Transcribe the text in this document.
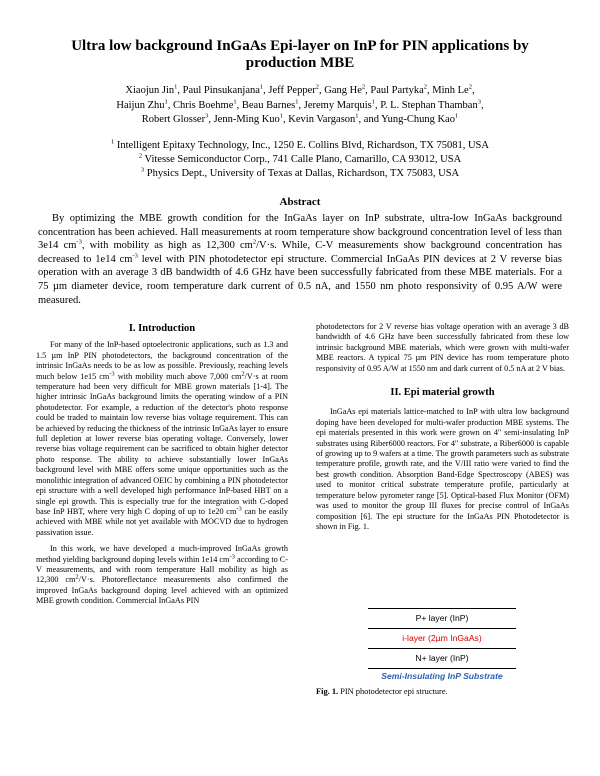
Ultra low background InGaAs Epi-layer on InP for PIN applications by production MBE
Xiaojun Jin$^1$, Paul Pinsukanjana$^1$, Jeff Pepper$^2$, Gang He$^2$, Paul Partyka$^2$, Minh Le$^2$,
Haijun Zhu$^1$, Chris Boehme$^1$, Beau Barnes$^1$, Jeremy Marquis$^1$, P. L. Stephan Thamban$^3$,
Robert Glosser$^3$, Jenn-Ming Kuo$^1$, Kevin Vargason$^1$, and Yung-Chung Kao$^1$
$^1$ Intelligent Epitaxy Technology, Inc., 1250 E. Collins Blvd, Richardson, TX 75081, USA
$^2$ Vitesse Semiconductor Corp., 741 Calle Plano, Camarillo, CA 93012, USA
$^3$ Physics Dept., University of Texas at Dallas, Richardson, TX 75083, USA
Abstract

By optimizing the MBE growth condition for the InGaAs layer on InP substrate, ultra-low InGaAs background concentration has been achieved. Hall measurements at room temperature show background concentration level of less than 3e14 $cm^{-3}$, with mobility as high as 12,300 $cm^2/V\cdot s$. While, C-V measurements show background concentration has decreased to 1e14 $cm^{-3}$ level with PIN photodetector epi structure. Commercial InGaAs PIN devices at 2 V reverse bias operation with an average 3 dB bandwidth of 4.6 GHz have been successfully fabricated from these MBE materials. For a 75 µm diameter device, room temperature dark current of 0.5 nA, and 1550 nm photo responsivity of 0.95 A/W were measured.

I. Introduction

For many of the InP-based optoelectronic applications, such as 1.3 and 1.5 µm InP PIN photodetectors, the background concentration of the intrinsic InGaAs needs to be as low as possible. Previously, reaching levels much below 1e15 $cm^{-3}$ with mobility much above 7,000 $cm^2/V\cdot s$ at room temperature had been very difficult for MBE grown materials [1-4]. The higher intrinsic InGaAs background limits the operating window of a PIN photodetector. For example, a reduction of the detector's photo response could be traded to maintain low reverse bias voltage requirement. This can be achieved by reducing the thickness of the intrinsic InGaAs layer to ensure full depletion at lower reverse bias operating voltage. Conversely, lower reverse bias voltage requirement can be sacrificed to obtain higher detector photo response. The ability to achieve substantially lower InGaAs background level with MBE offers some unique opportunities such as the monolithic integration of advanced OEIC by combining a PIN photodetector epi structure with a well developed high performance InP-based HBT on a single epi growth. This is especially true for the integration with C-doped base InP HBT, where very high C doping of up to 1e20 $cm^{-3}$ can be easily achieved with MBE while not yet available with MOCVD due to hydrogen passivation issue.

In this work, we have developed a much-improved InGaAs growth method yielding background doping levels within 1e14 $cm^{-3}$ according to C-V measurements, and with room temperature Hall mobility as high as 12,300 $cm^2/V\cdot s$. Photoreflectance measurements also confirmed the improved InGaAs background doping level achieved with an optimized MBE growth condition. Commercial InGaAs PIN

photodetectors for 2 V reverse bias voltage operation with an average 3 dB bandwidth of 4.6 GHz have been successfully fabricated from these low intrinsic background MBE materials, which were grown with multi-wafer MBE reactors. A typical 75 µm PIN device has room temperature photo responsivity of 0.95 A/W at 1550 nm and dark current of 0.5 nA at 2 V bias.

II. Epi material growth

InGaAs epi materials lattice-matched to InP with ultra low background doping have been developed for multi-wafer production MBE systems. The epi materials presented in this work were grown on 4" semi-insulating InP substrates using Riber6000 reactors. For 4" substrate, a Riber6000 is capable of growing up to 9 wafers at a time. The growth parameters such as substrate temperature profile, growth rate, and the V/III ratio were varied to find the best growth condition. Absorption Band-Edge Spectroscopy (ABES) was used to monitor critical substrate temperature profile, particularly at temperature below pyrometer range [5]. Optical-based Flux Monitor (OFM) was used to monitor the group III fluxes for precise control of InGaAs composition [6]. The epi structure for the InGaAs PIN Photodetector is shown in Fig. 1.

P+ layer (InP)
i-layer (2µm InGaAs)
N+ layer (InP)
Semi-Insulating InP Substrate
Fig. 1. PIN photodetector epi structure.
